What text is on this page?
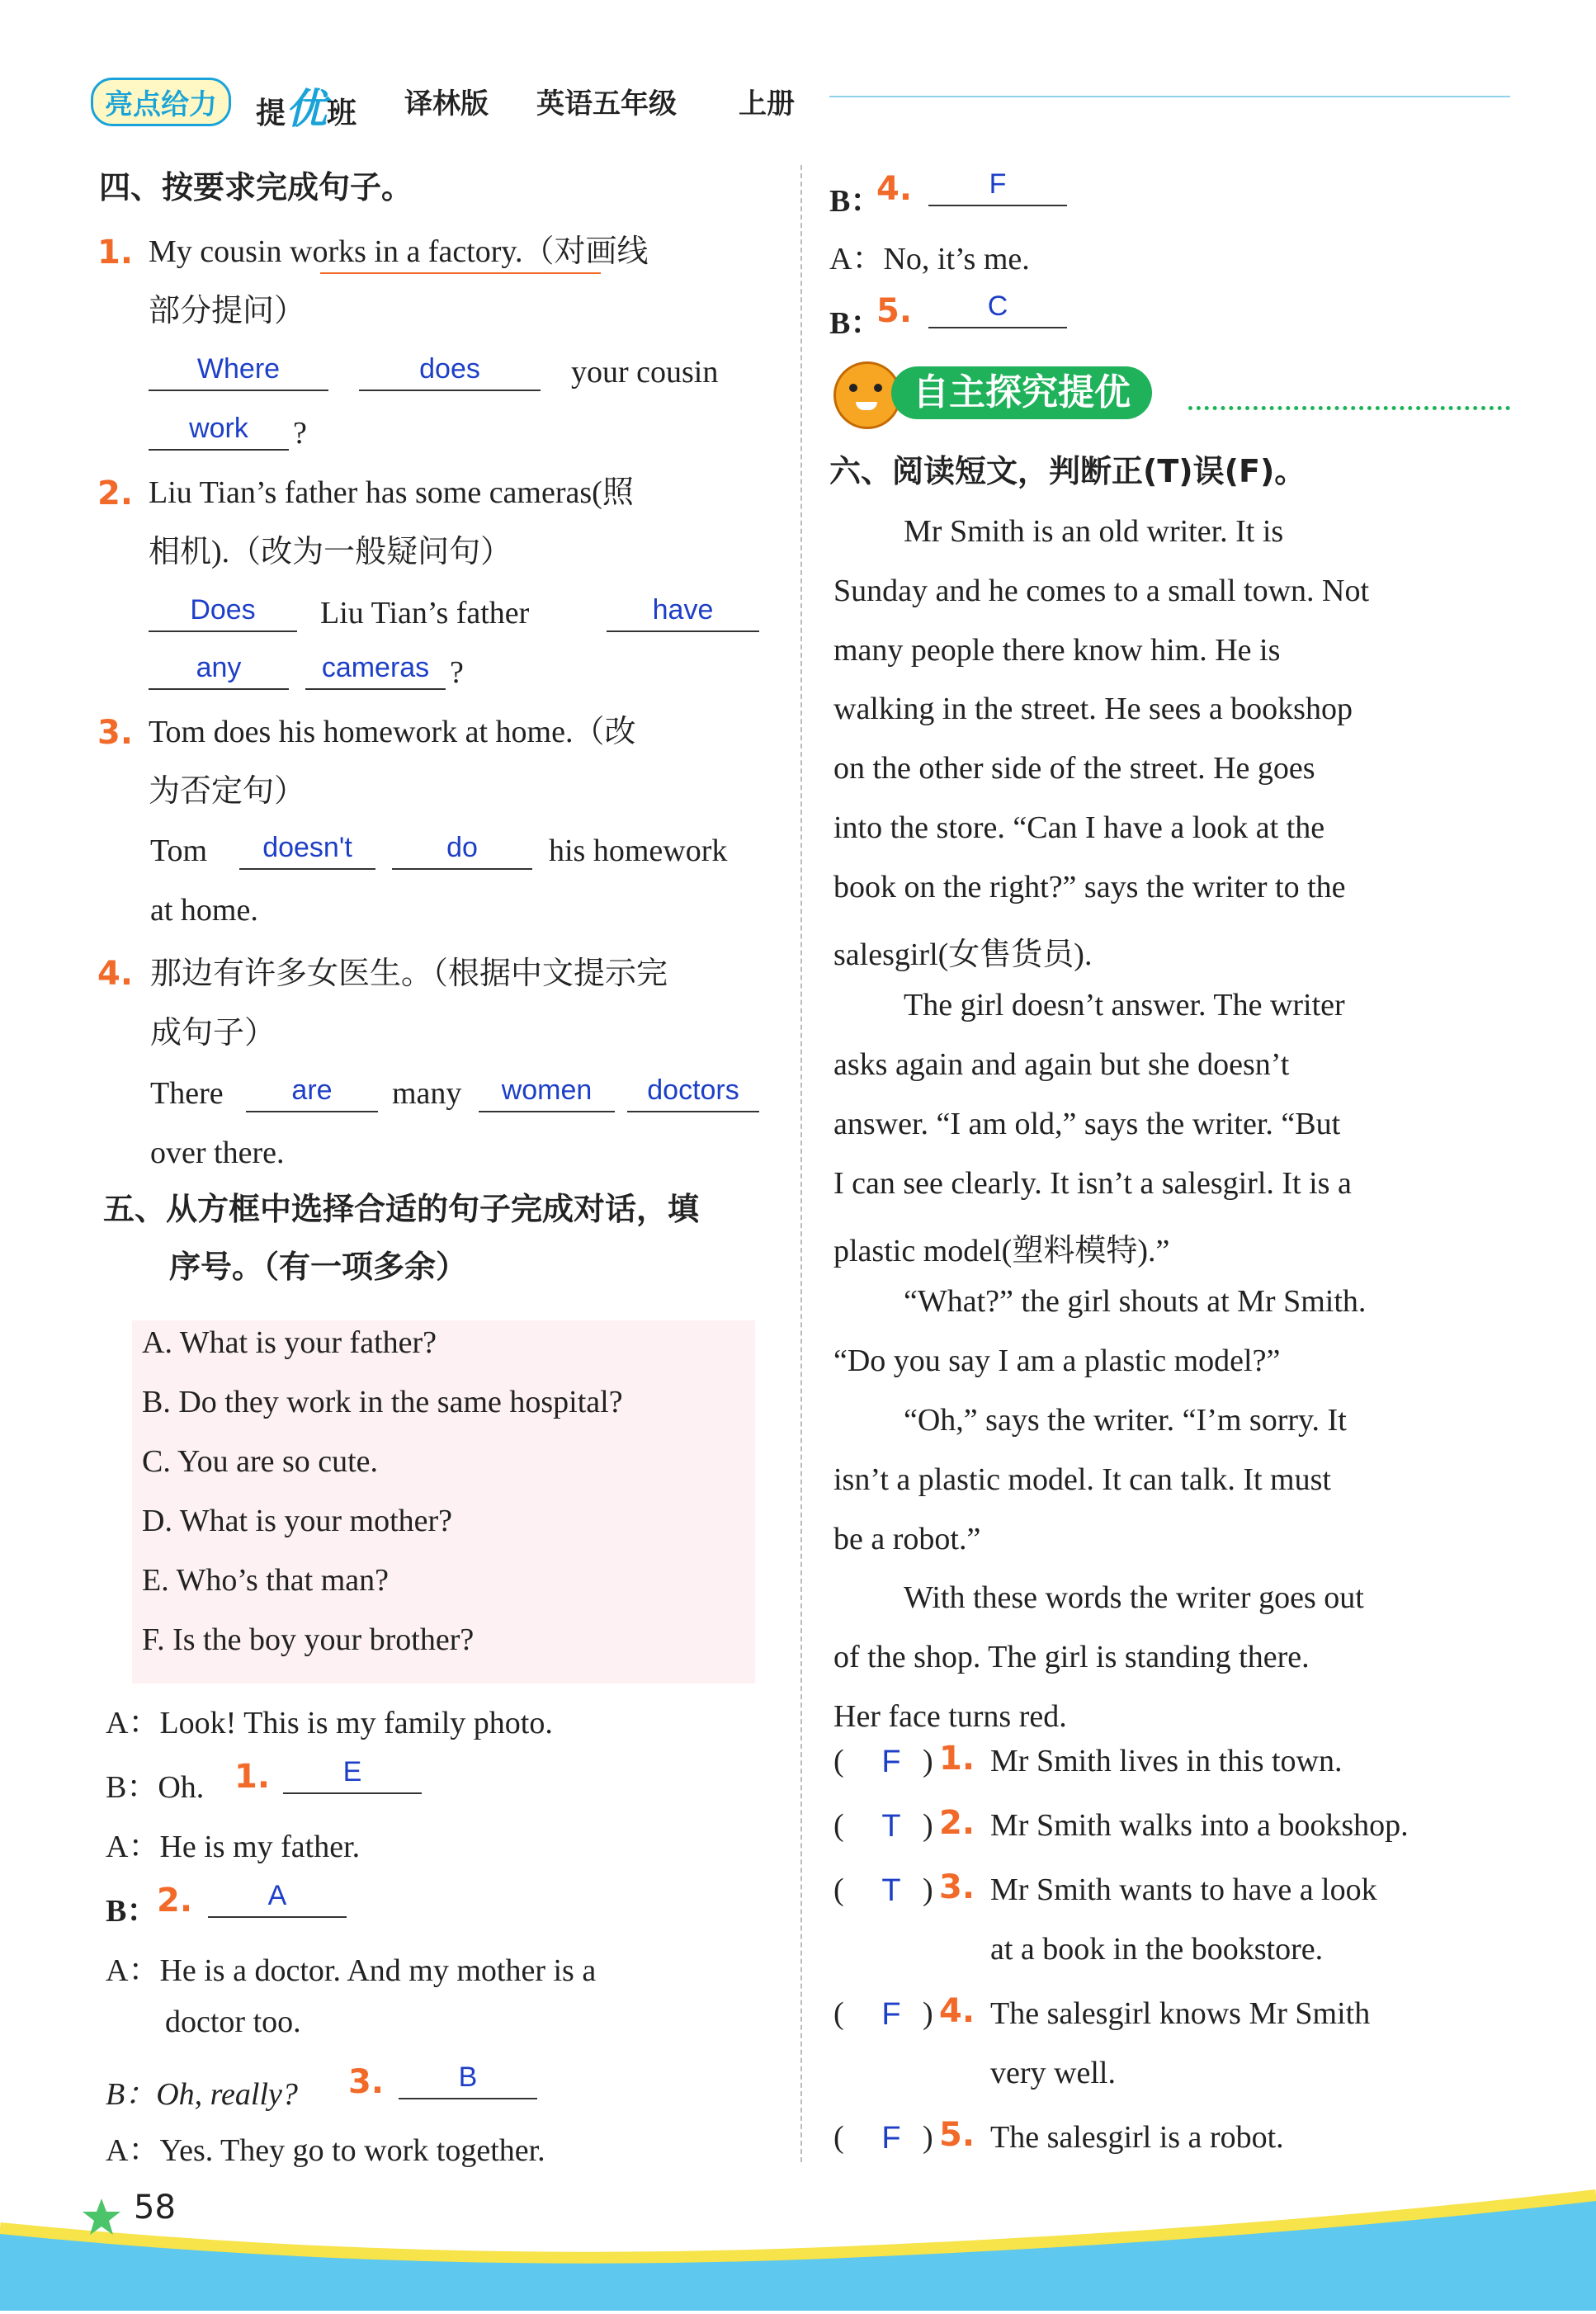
亮点给力	提优班 译林版 英语五年级 上册
四、按要求完成句子。
1. My cousin works in a factory.（对画线
部分提问）
Where	does	your cousin
work	?
2. Liu Tian’s father has some cameras(照
相机).（改为一般疑问句）
Does	Liu Tian’s father	have
any	cameras ?
3. Tom does his homework at home.（改
为否定句）
Tom	doesn't	do	his homework
at home.
4. 那边有许多女医生。（根据中文提示完
成句子）
There	are	many	women	doctors
over there.
五、从方框中选择合适的句子完成对话，填
序号。（有一项多余）
A. What is your father?
B. Do they work in the same hospital?
C. You are so cute.
D. What is your mother?
E. Who’s that man?
F. Is the boy your brother?
A：Look! This is my family photo.
B：Oh. 1.	E
A：He is my father.
B：
2.	A
A：He is a doctor. And my mother is a
doctor too.
B：Oh, really? 3.	B
A：Yes. They go to work together.
B：
4.	F
A：No, it’s me.
B：
5.	C
自主探究提优
六、阅读短文，判断正(T)误(F)。
Mr Smith is an old writer. It is
Sunday and he comes to a small town. Not
many people there know him. He is
walking in the street. He sees a bookshop
on the other side of the street. He goes
into the store. “Can I have a look at the
book on the right?” says the writer to the
salesgirl(女售货员).
The girl doesn’t answer. The writer
asks again and again but she doesn’t
answer. “I am old,” says the writer. “But
I can see clearly. It isn’t a salesgirl. It is a
plastic model(塑料模特).”
“What?” the girl shouts at Mr Smith.
“Do you say I am a plastic model?”
“Oh,” says the writer. “I’m sorry. It
isn’t a plastic model. It can talk. It must
be a robot.”
With these words the writer goes out
of the shop. The girl is standing there.
Her face turns red.
( F ) 1. Mr Smith lives in this town.
( T ) 2. Mr Smith walks into a bookshop.
( T ) 3. Mr Smith wants to have a look
at a book in the bookstore.
( F ) 4. The salesgirl knows Mr Smith
very well.
( F ) 5. The salesgirl is a robot.
58
